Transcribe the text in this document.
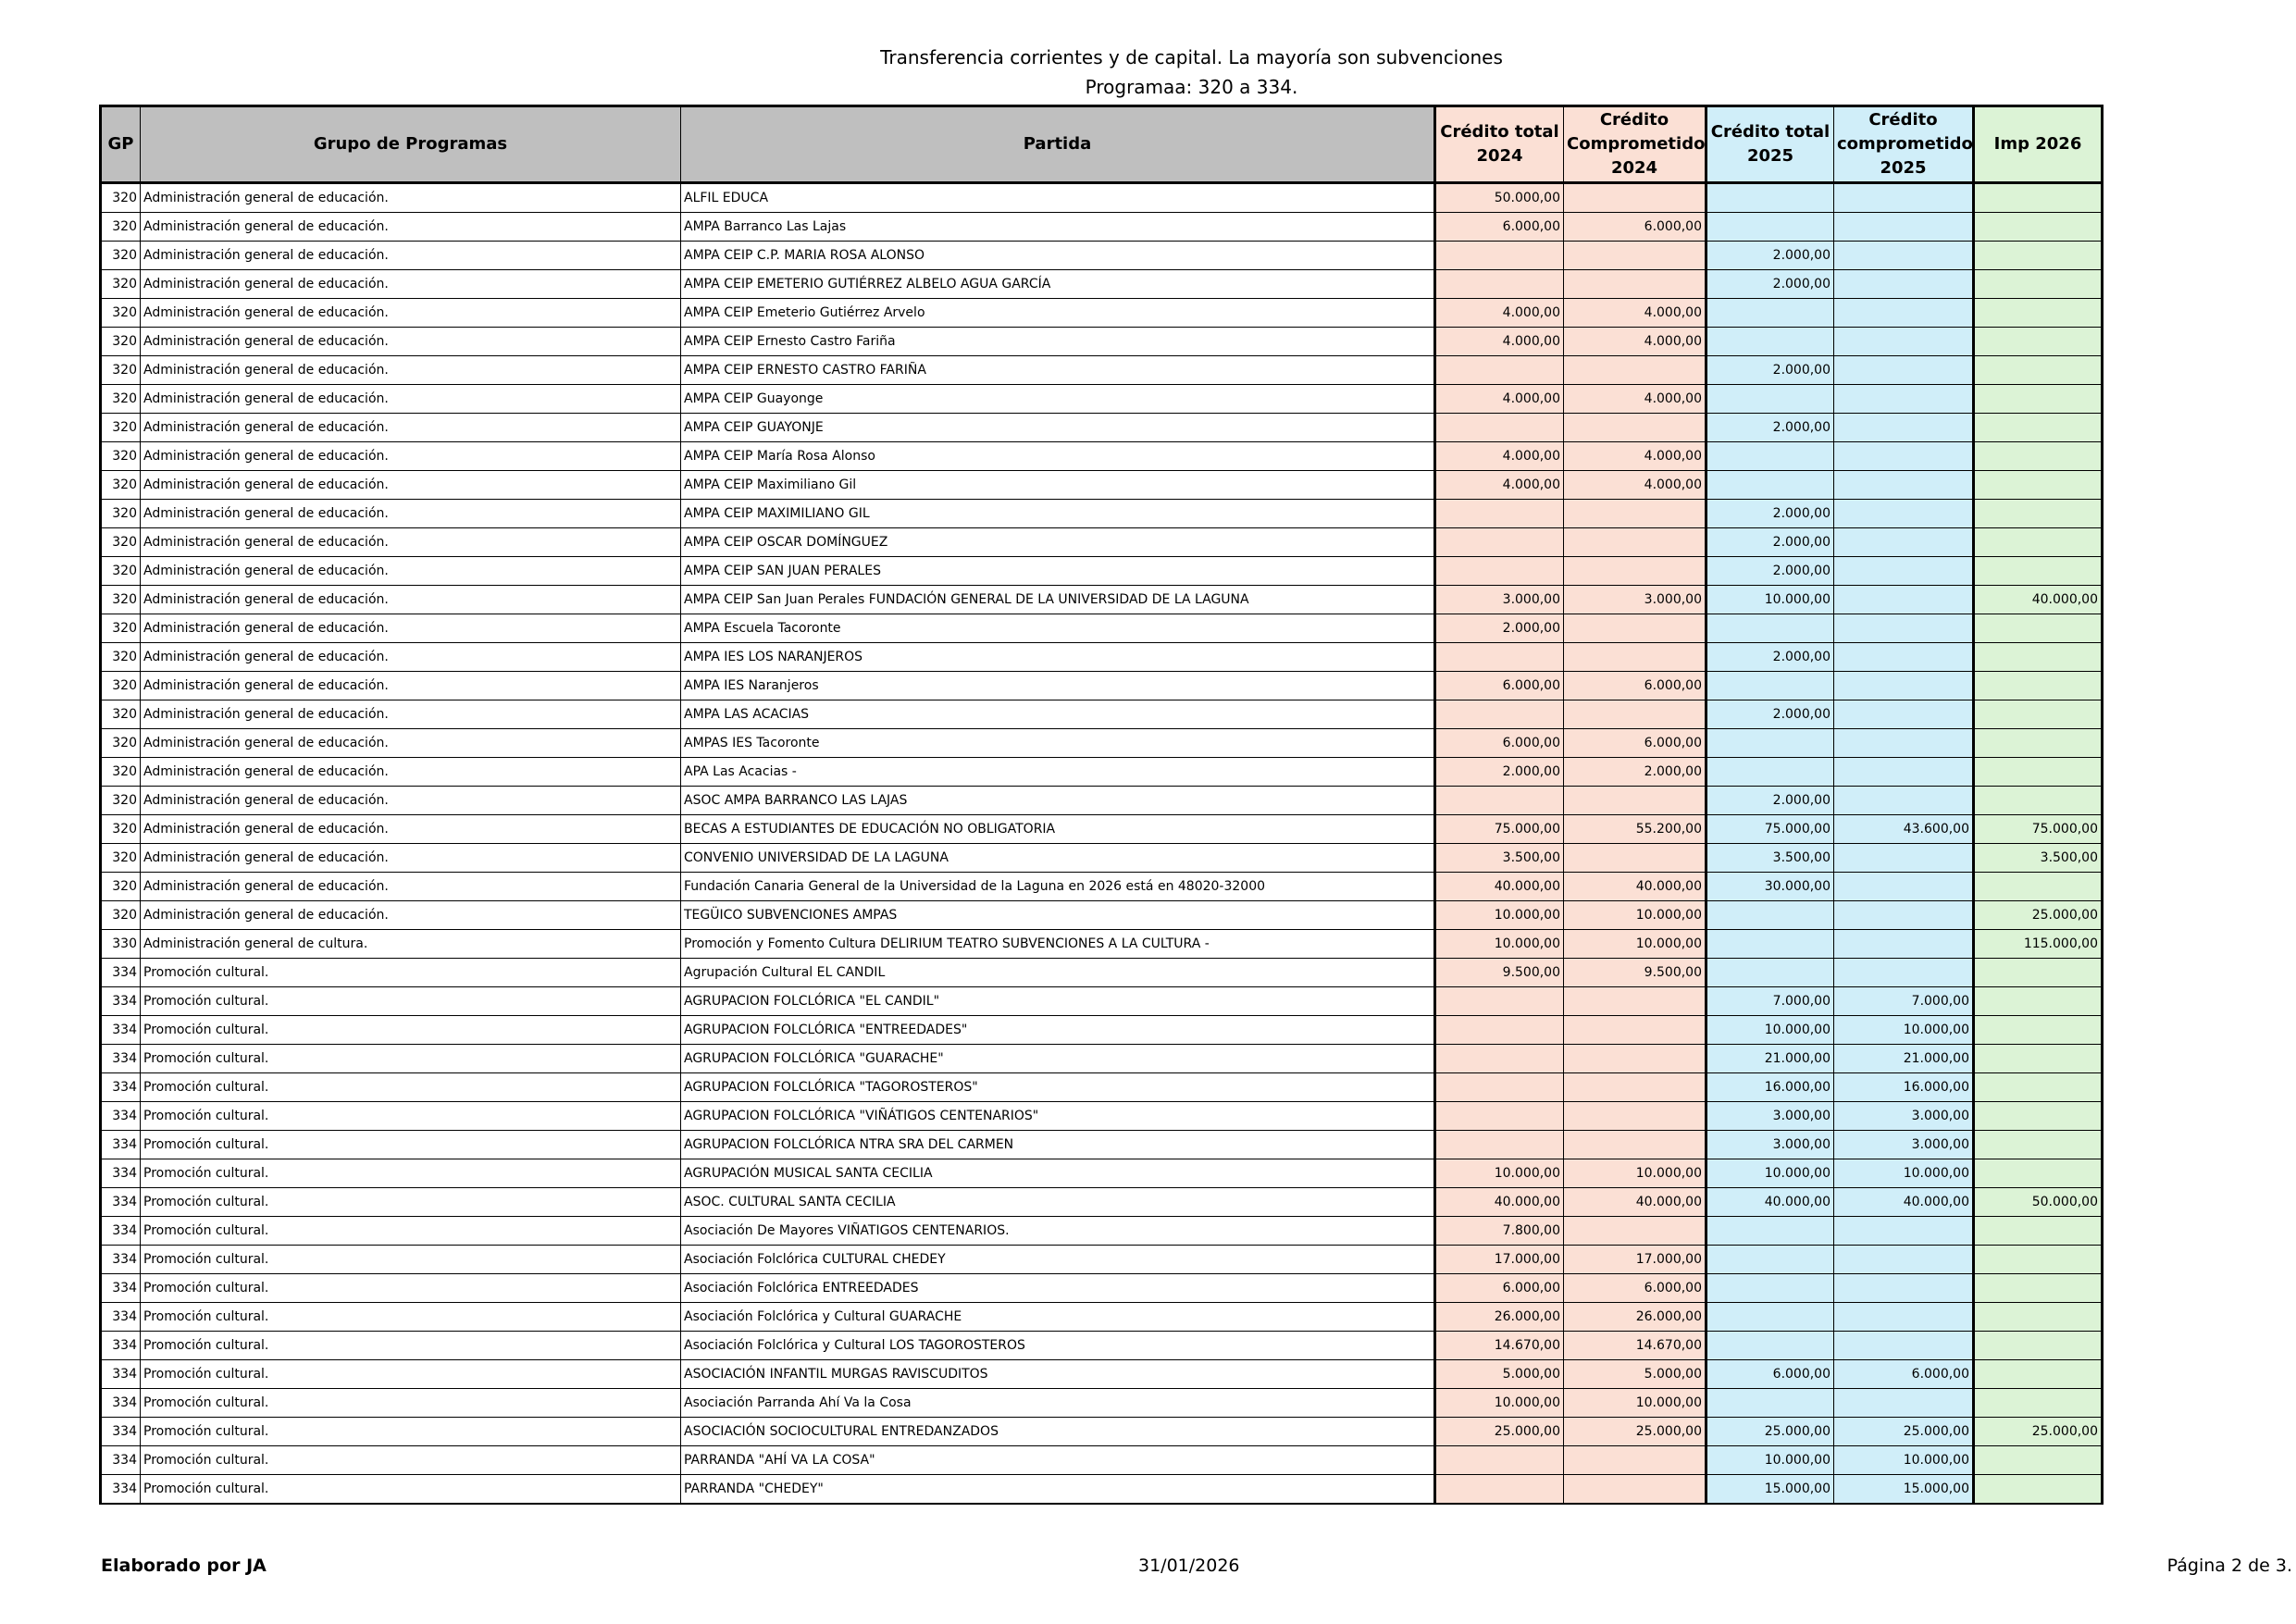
Transferencia corrientes y de capital. La mayoría son subvenciones
Programaa: 320 a 334.
GP	Grupo de Programas	Partida	Crédito total 2024	Crédito Comprometido 2024	Crédito total 2025	Crédito comprometido 2025	Imp 2026
320	Administración general de educación.	ALFIL EDUCA	50.000,00				
320	Administración general de educación.	AMPA Barranco Las Lajas	6.000,00	6.000,00			
320	Administración general de educación.	AMPA CEIP C.P. MARIA ROSA ALONSO			2.000,00		
320	Administración general de educación.	AMPA CEIP EMETERIO GUTIÉRREZ ALBELO AGUA GARCÍA			2.000,00		
320	Administración general de educación.	AMPA CEIP Emeterio Gutiérrez Arvelo	4.000,00	4.000,00			
320	Administración general de educación.	AMPA CEIP Ernesto Castro Fariña	4.000,00	4.000,00			
320	Administración general de educación.	AMPA CEIP ERNESTO CASTRO FARIÑA			2.000,00		
320	Administración general de educación.	AMPA CEIP Guayonge	4.000,00	4.000,00			
320	Administración general de educación.	AMPA CEIP GUAYONJE			2.000,00		
320	Administración general de educación.	AMPA CEIP María Rosa Alonso	4.000,00	4.000,00			
320	Administración general de educación.	AMPA CEIP Maximiliano Gil	4.000,00	4.000,00			
320	Administración general de educación.	AMPA CEIP MAXIMILIANO GIL			2.000,00		
320	Administración general de educación.	AMPA CEIP OSCAR DOMÍNGUEZ			2.000,00		
320	Administración general de educación.	AMPA CEIP SAN JUAN PERALES			2.000,00		
320	Administración general de educación.	AMPA CEIP San Juan Perales FUNDACIÓN GENERAL DE LA UNIVERSIDAD DE LA LAGUNA	3.000,00	3.000,00	10.000,00		40.000,00
320	Administración general de educación.	AMPA Escuela Tacoronte	2.000,00				
320	Administración general de educación.	AMPA IES LOS NARANJEROS			2.000,00		
320	Administración general de educación.	AMPA IES Naranjeros	6.000,00	6.000,00			
320	Administración general de educación.	AMPA LAS ACACIAS			2.000,00		
320	Administración general de educación.	AMPAS IES Tacoronte	6.000,00	6.000,00			
320	Administración general de educación.	APA Las Acacias -	2.000,00	2.000,00			
320	Administración general de educación.	ASOC AMPA BARRANCO LAS LAJAS			2.000,00		
320	Administración general de educación.	BECAS A ESTUDIANTES DE EDUCACIÓN NO OBLIGATORIA	75.000,00	55.200,00	75.000,00	43.600,00	75.000,00
320	Administración general de educación.	CONVENIO UNIVERSIDAD DE LA LAGUNA	3.500,00		3.500,00		3.500,00
320	Administración general de educación.	Fundación Canaria General de la Universidad de la Laguna en 2026 está en 48020-32000	40.000,00	40.000,00	30.000,00		
320	Administración general de educación.	TEGÜICO SUBVENCIONES AMPAS	10.000,00	10.000,00			25.000,00
330	Administración general de cultura.	Promoción y Fomento Cultura DELIRIUM TEATRO SUBVENCIONES A LA CULTURA -	10.000,00	10.000,00			115.000,00
334	Promoción cultural.	Agrupación Cultural EL CANDIL	9.500,00	9.500,00			
334	Promoción cultural.	AGRUPACION FOLCLÓRICA "EL CANDIL"			7.000,00	7.000,00	
334	Promoción cultural.	AGRUPACION FOLCLÓRICA "ENTREEDADES"			10.000,00	10.000,00	
334	Promoción cultural.	AGRUPACION FOLCLÓRICA "GUARACHE"			21.000,00	21.000,00	
334	Promoción cultural.	AGRUPACION FOLCLÓRICA "TAGOROSTEROS"			16.000,00	16.000,00	
334	Promoción cultural.	AGRUPACION FOLCLÓRICA "VIÑÁTIGOS CENTENARIOS"			3.000,00	3.000,00	
334	Promoción cultural.	AGRUPACION FOLCLÓRICA NTRA SRA DEL CARMEN			3.000,00	3.000,00	
334	Promoción cultural.	AGRUPACIÓN MUSICAL SANTA CECILIA	10.000,00	10.000,00	10.000,00	10.000,00	
334	Promoción cultural.	ASOC. CULTURAL SANTA CECILIA	40.000,00	40.000,00	40.000,00	40.000,00	50.000,00
334	Promoción cultural.	Asociación De Mayores VIÑATIGOS CENTENARIOS.	7.800,00				
334	Promoción cultural.	Asociación Folclórica CULTURAL CHEDEY	17.000,00	17.000,00			
334	Promoción cultural.	Asociación Folclórica ENTREEDADES	6.000,00	6.000,00			
334	Promoción cultural.	Asociación Folclórica y Cultural GUARACHE	26.000,00	26.000,00			
334	Promoción cultural.	Asociación Folclórica y Cultural LOS TAGOROSTEROS	14.670,00	14.670,00			
334	Promoción cultural.	ASOCIACIÓN INFANTIL MURGAS RAVISCUDITOS	5.000,00	5.000,00	6.000,00	6.000,00	
334	Promoción cultural.	Asociación Parranda Ahí Va la Cosa	10.000,00	10.000,00			
334	Promoción cultural.	ASOCIACIÓN SOCIOCULTURAL ENTREDANZADOS	25.000,00	25.000,00	25.000,00	25.000,00	25.000,00
334	Promoción cultural.	PARRANDA "AHÍ VA LA COSA"			10.000,00	10.000,00	
334	Promoción cultural.	PARRANDA "CHEDEY"			15.000,00	15.000,00	
Elaborado por JA	31/01/2026	Página 2 de 3.
